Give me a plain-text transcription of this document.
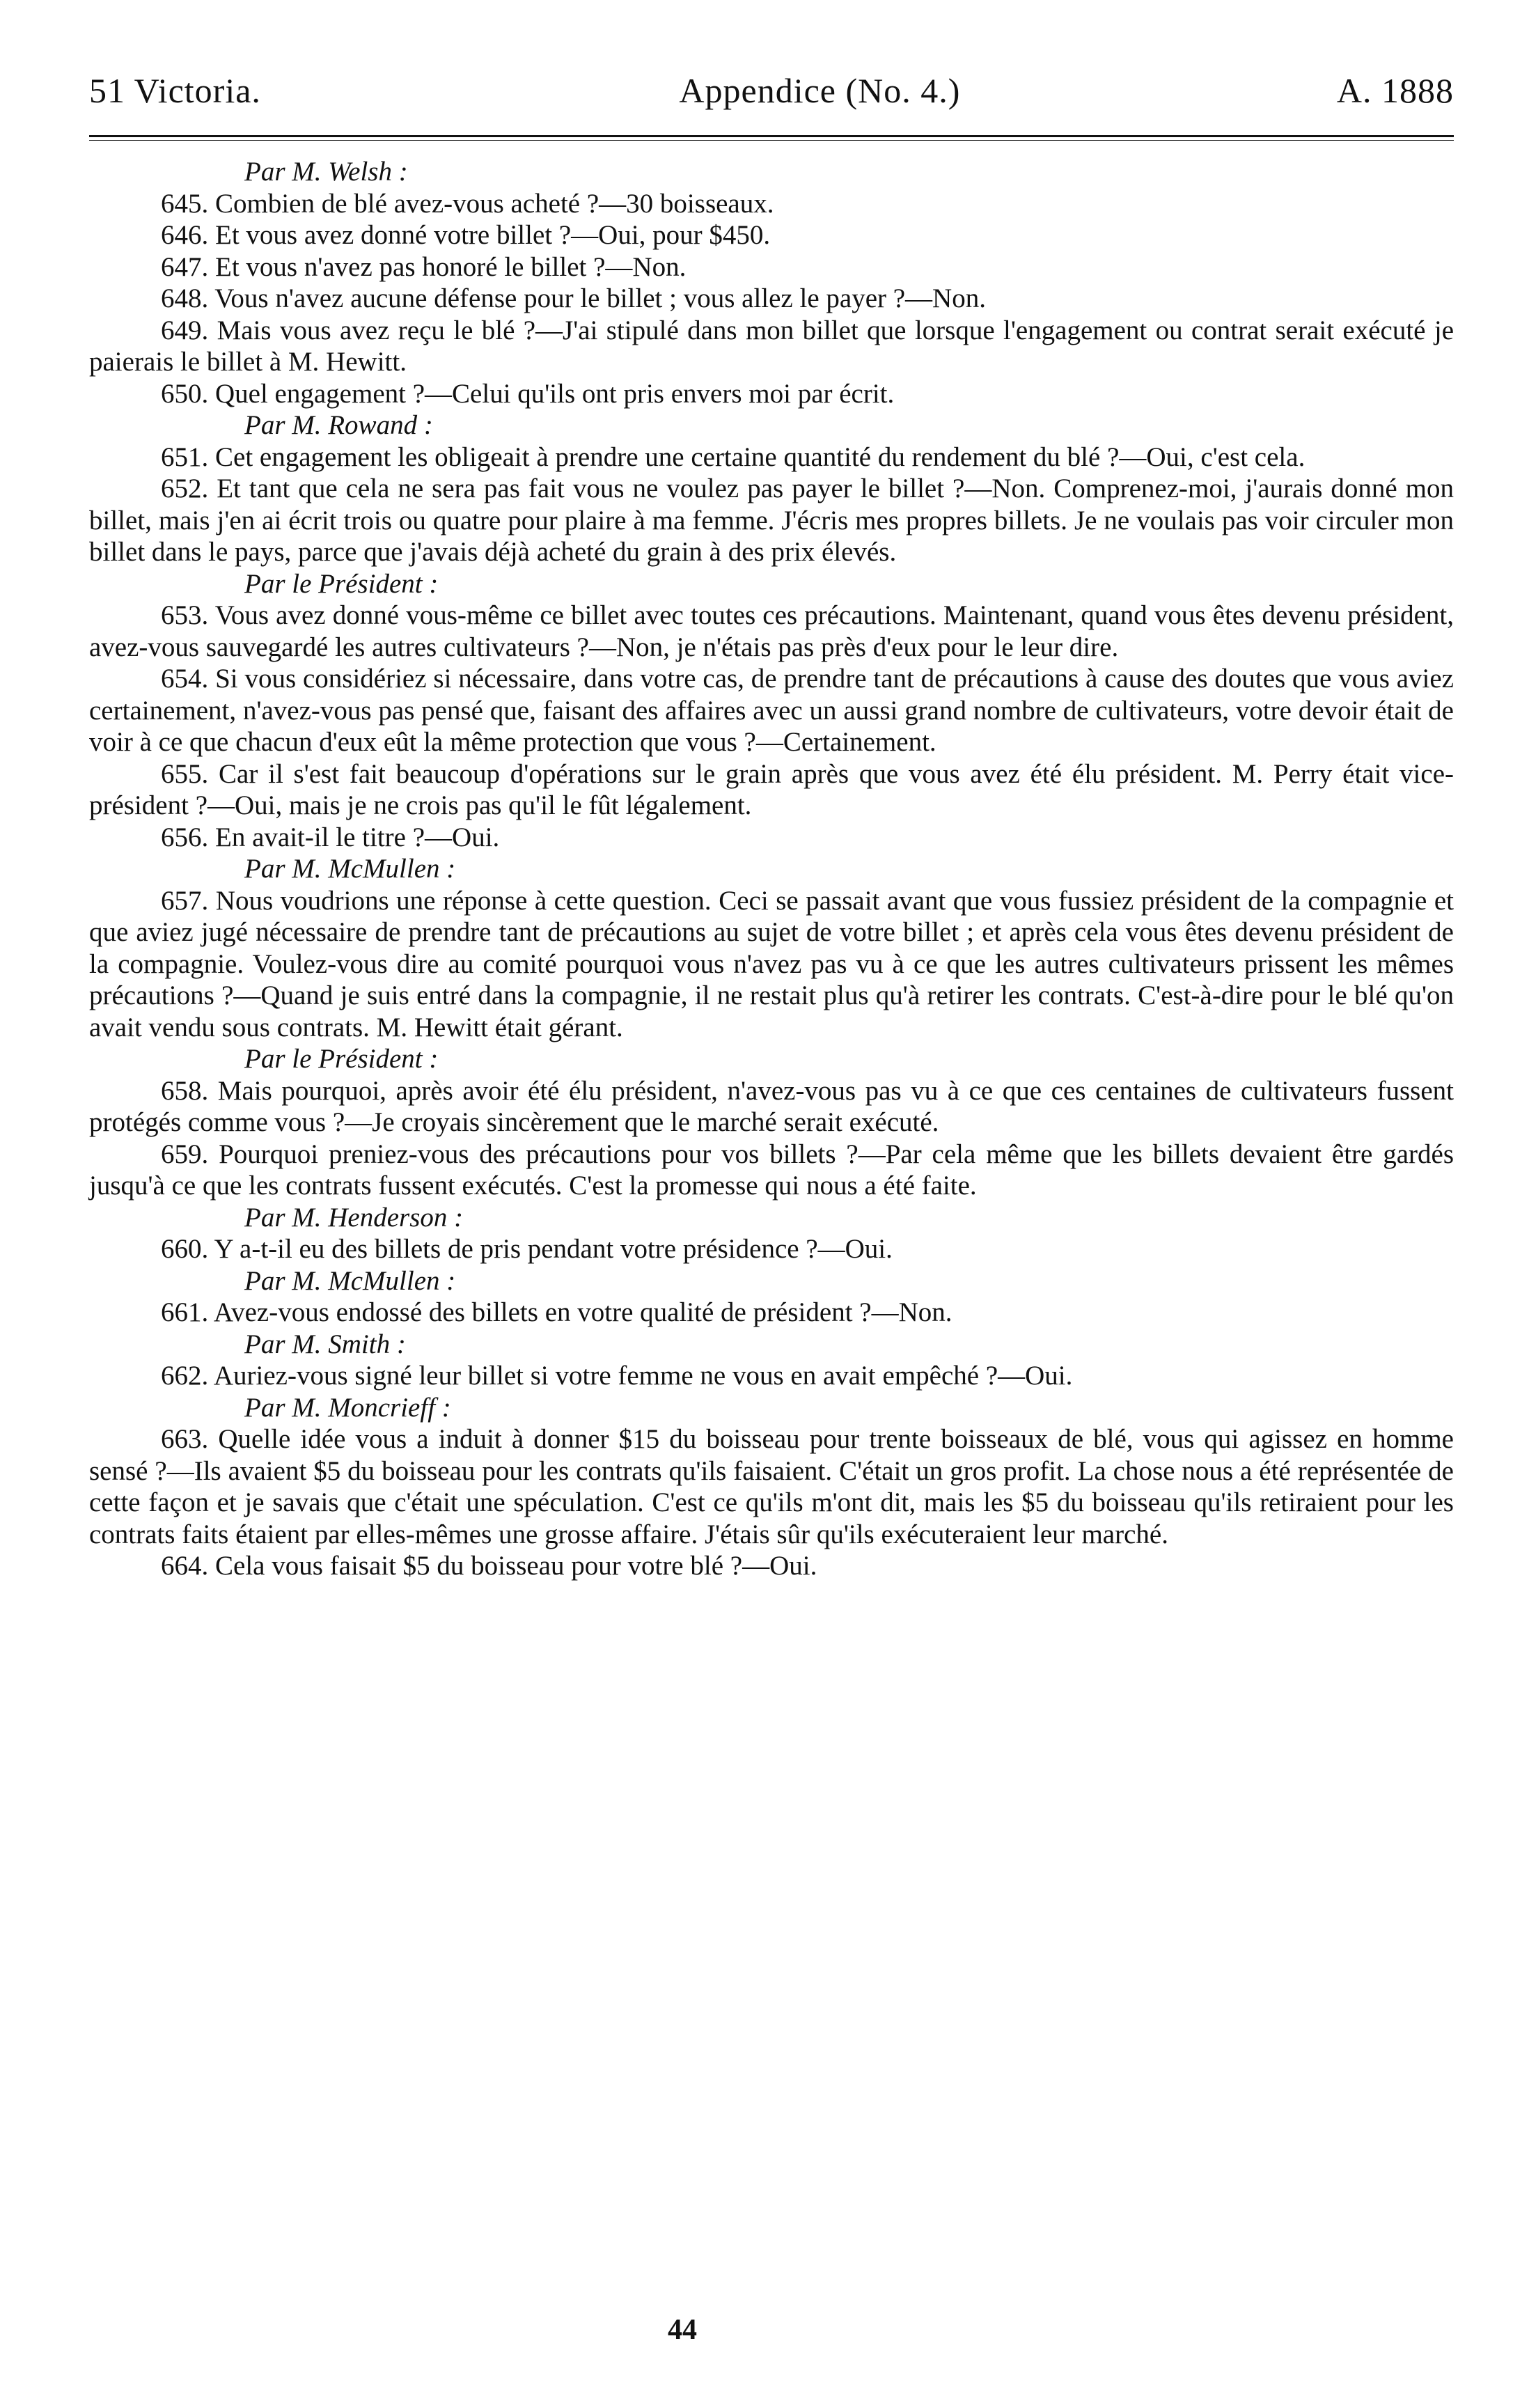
51 Victoria.	Appendice (No. 4.)	A. 1888

Par M. Welsh :

645. Combien de blé avez-vous acheté ?—30 boisseaux.

646. Et vous avez donné votre billet ?—Oui, pour $450.

647. Et vous n'avez pas honoré le billet ?—Non.

648. Vous n'avez aucune défense pour le billet ; vous allez le payer ?—Non.

649. Mais vous avez reçu le blé ?—J'ai stipulé dans mon billet que lorsque l'engagement ou contrat serait exécuté je paierais le billet à M. Hewitt.

650. Quel engagement ?—Celui qu'ils ont pris envers moi par écrit.

Par M. Rowand :

651. Cet engagement les obligeait à prendre une certaine quantité du rendement du blé ?—Oui, c'est cela.

652. Et tant que cela ne sera pas fait vous ne voulez pas payer le billet ?—Non. Comprenez-moi, j'aurais donné mon billet, mais j'en ai écrit trois ou quatre pour plaire à ma femme. J'écris mes propres billets. Je ne voulais pas voir circuler mon billet dans le pays, parce que j'avais déjà acheté du grain à des prix élevés.

Par le Président :

653. Vous avez donné vous-même ce billet avec toutes ces précautions. Maintenant, quand vous êtes devenu président, avez-vous sauvegardé les autres cultivateurs ?—Non, je n'étais pas près d'eux pour le leur dire.

654. Si vous considériez si nécessaire, dans votre cas, de prendre tant de précautions à cause des doutes que vous aviez certainement, n'avez-vous pas pensé que, faisant des affaires avec un aussi grand nombre de cultivateurs, votre devoir était de voir à ce que chacun d'eux eût la même protection que vous ?—Certainement.

655. Car il s'est fait beaucoup d'opérations sur le grain après que vous avez été élu président. M. Perry était vice-président ?—Oui, mais je ne crois pas qu'il le fût légalement.

656. En avait-il le titre ?—Oui.

Par M. McMullen :

657. Nous voudrions une réponse à cette question. Ceci se passait avant que vous fussiez président de la compagnie et que aviez jugé nécessaire de prendre tant de précautions au sujet de votre billet ; et après cela vous êtes devenu président de la compagnie. Voulez-vous dire au comité pourquoi vous n'avez pas vu à ce que les autres cultivateurs prissent les mêmes précautions ?—Quand je suis entré dans la compagnie, il ne restait plus qu'à retirer les contrats. C'est-à-dire pour le blé qu'on avait vendu sous contrats. M. Hewitt était gérant.

Par le Président :

658. Mais pourquoi, après avoir été élu président, n'avez-vous pas vu à ce que ces centaines de cultivateurs fussent protégés comme vous ?—Je croyais sincèrement que le marché serait exécuté.

659. Pourquoi preniez-vous des précautions pour vos billets ?—Par cela même que les billets devaient être gardés jusqu'à ce que les contrats fussent exécutés. C'est la promesse qui nous a été faite.

Par M. Henderson :

660. Y a-t-il eu des billets de pris pendant votre présidence ?—Oui.

Par M. McMullen :

661. Avez-vous endossé des billets en votre qualité de président ?—Non.

Par M. Smith :

662. Auriez-vous signé leur billet si votre femme ne vous en avait empêché ?—Oui.

Par M. Moncrieff :

663. Quelle idée vous a induit à donner $15 du boisseau pour trente boisseaux de blé, vous qui agissez en homme sensé ?—Ils avaient $5 du boisseau pour les contrats qu'ils faisaient. C'était un gros profit. La chose nous a été représentée de cette façon et je savais que c'était une spéculation. C'est ce qu'ils m'ont dit, mais les $5 du boisseau qu'ils retiraient pour les contrats faits étaient par elles-mêmes une grosse affaire. J'étais sûr qu'ils exécuteraient leur marché.

664. Cela vous faisait $5 du boisseau pour votre blé ?—Oui.

44
